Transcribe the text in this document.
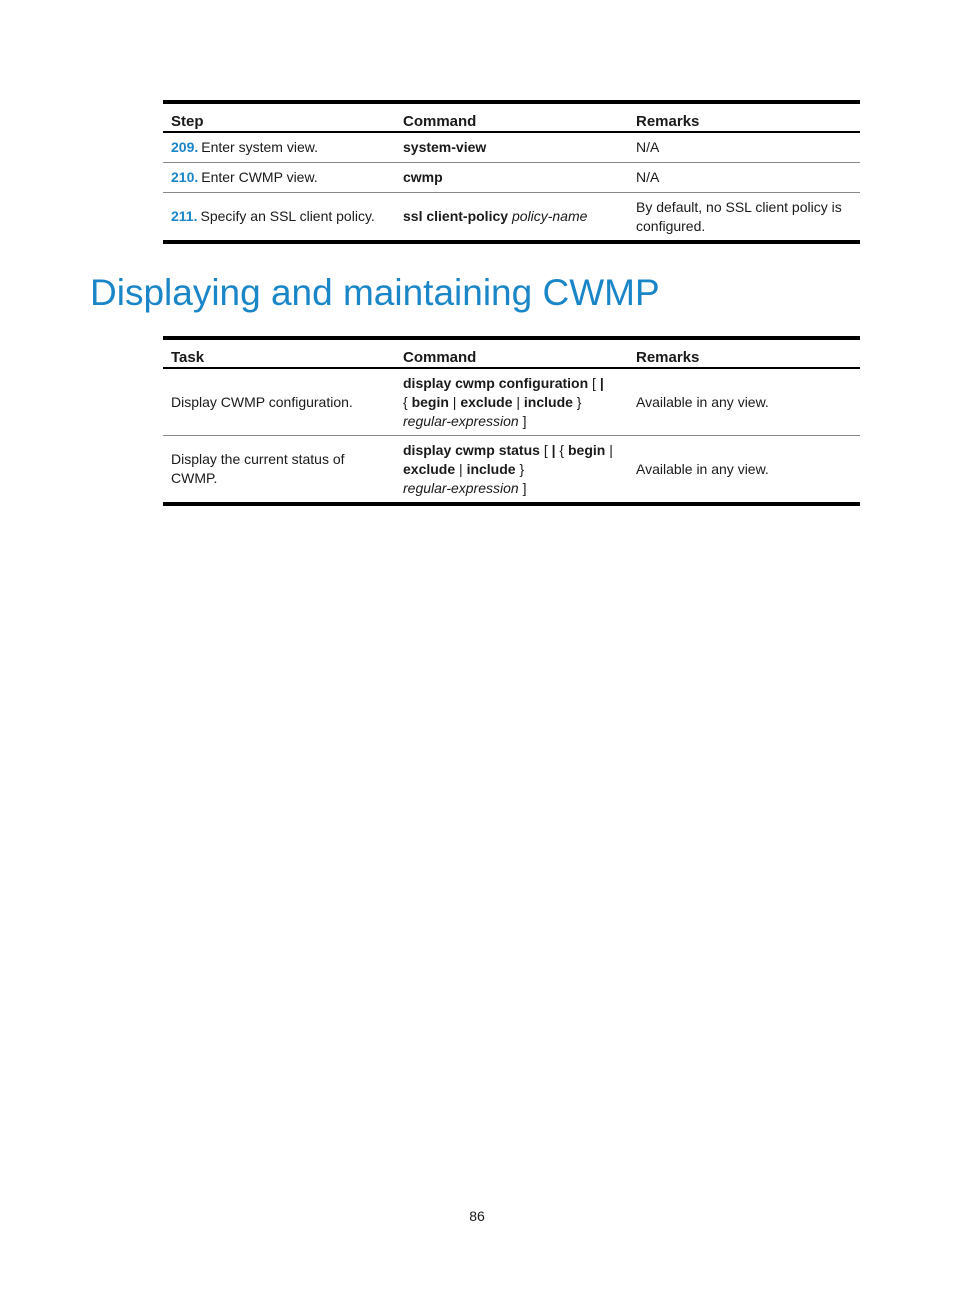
Step	Command	Remarks
209. Enter system view.	system-view	N/A
210. Enter CWMP view.	cwmp	N/A
211. Specify an SSL client policy.	ssl client-policy policy-name	By default, no SSL client policy is configured.
Displaying and maintaining CWMP
Task	Command	Remarks
Display CWMP configuration.	display cwmp configuration [ |
{ begin | exclude | include }
regular-expression ]	Available in any view.
Display the current status of CWMP.	display cwmp status [ | { begin |
exclude | include }
regular-expression ]	Available in any view.
86
